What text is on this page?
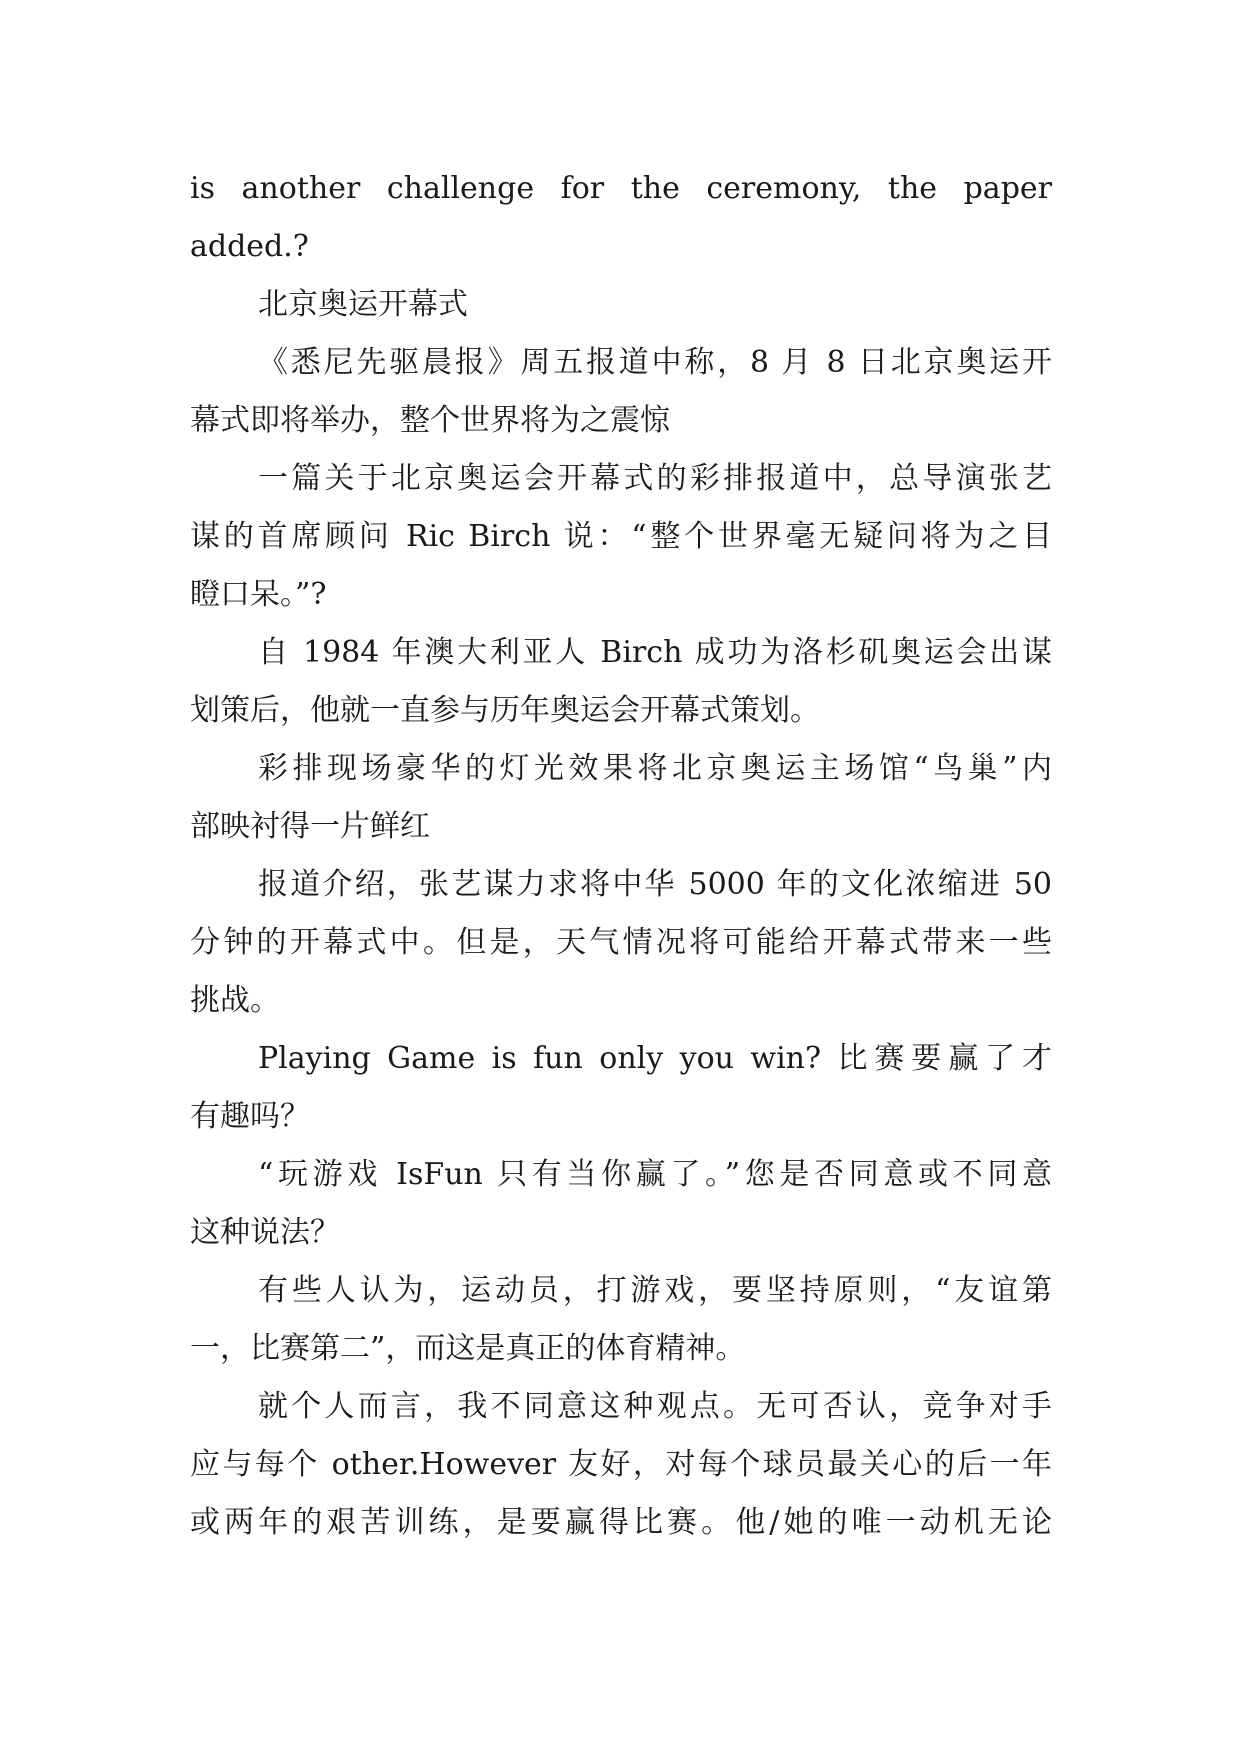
is another challenge for the ceremony, the paper
added.?
北京奥运开幕式
《悉尼先驱晨报》周五报道中称，8 月 8 日北京奥运开
幕式即将举办，整个世界将为之震惊
一篇关于北京奥运会开幕式的彩排报道中，总导演张艺
谋的首席顾问 Ric Birch 说：“整个世界毫无疑问将为之目
瞪口呆。”?
自 1984 年澳大利亚人 Birch 成功为洛杉矶奥运会出谋
划策后，他就一直参与历年奥运会开幕式策划。
彩排现场豪华的灯光效果将北京奥运主场馆“鸟巢”内
部映衬得一片鲜红
报道介绍，张艺谋力求将中华 5000 年的文化浓缩进 50
分钟的开幕式中。但是，天气情况将可能给开幕式带来一些
挑战。
Playing Game is fun only you win? 比赛要赢了才
有趣吗？
“玩游戏 IsFun 只有当你赢了。”您是否同意或不同意
这种说法？
有些人认为，运动员，打游戏，要坚持原则，“友谊第
一，比赛第二”，而这是真正的体育精神。
就个人而言，我不同意这种观点。无可否认，竞争对手
应与每个 other.However 友好，对每个球员最关心的后一年
或两年的艰苦训练，是要赢得比赛。他/她的唯一动机无论
